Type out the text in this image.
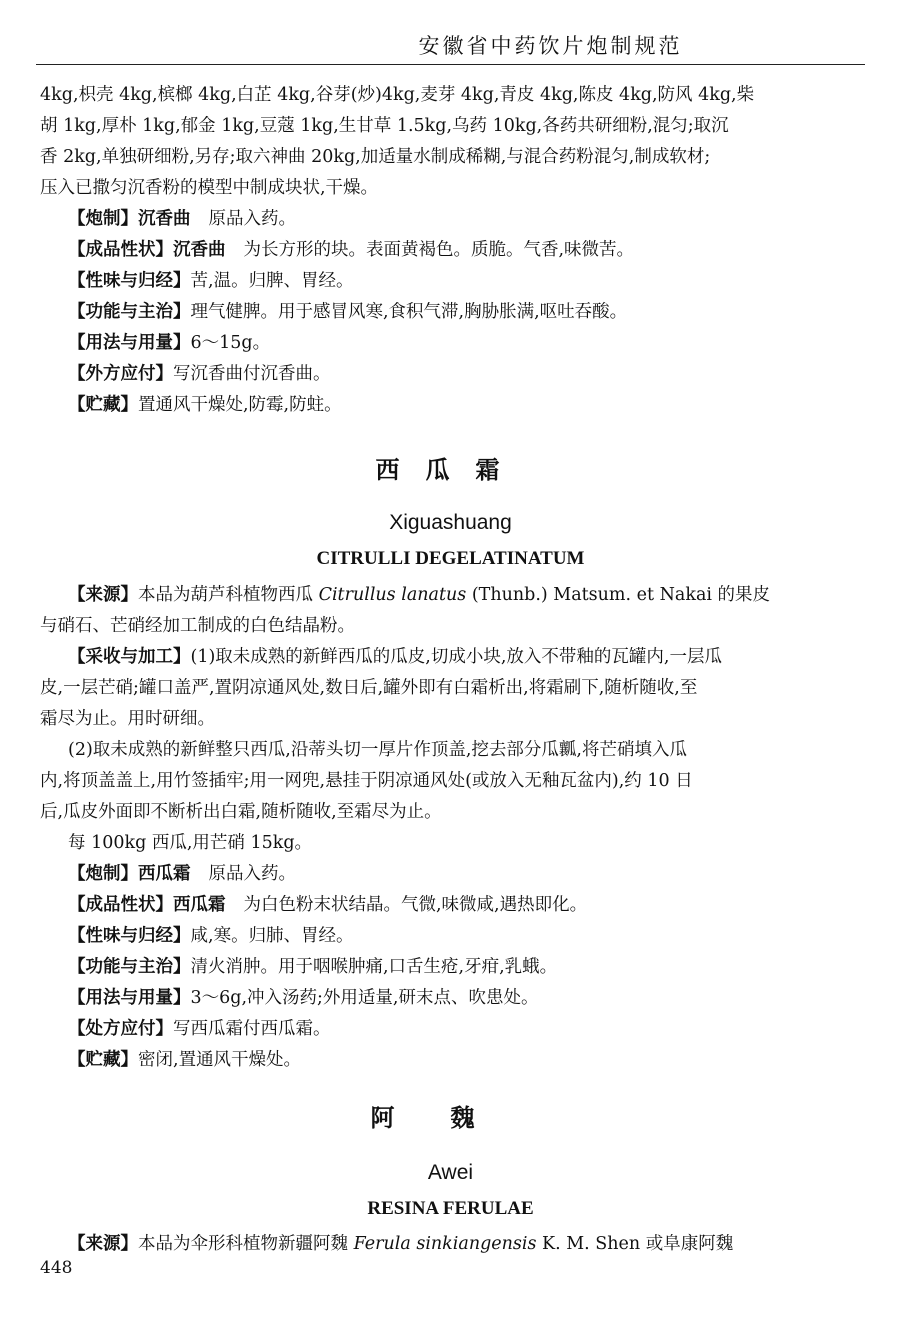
安徽省中药饮片炮制规范

4kg,枳壳 4kg,槟榔 4kg,白芷 4kg,谷芽(炒)4kg,麦芽 4kg,青皮 4kg,陈皮 4kg,防风 4kg,柴

胡 1kg,厚朴 1kg,郁金 1kg,豆蔻 1kg,生甘草 1.5kg,乌药 10kg,各药共研细粉,混匀;取沉

香 2kg,单独研细粉,另存;取六神曲 20kg,加适量水制成稀糊,与混合药粉混匀,制成软材;

压入已撒匀沉香粉的模型中制成块状,干燥。

【炮制】沉香曲 原品入药。

【成品性状】沉香曲 为长方形的块。表面黄褐色。质脆。气香,味微苦。

【性味与归经】苦,温。归脾、胃经。

【功能与主治】理气健脾。用于感冒风寒,食积气滞,胸胁胀满,呕吐吞酸。

【用法与用量】6～15g。

【外方应付】写沉香曲付沉香曲。

【贮藏】置通风干燥处,防霉,防蛀。

西瓜霜
Xiguashuang
CITRULLI DEGELATINATUM

【来源】本品为葫芦科植物西瓜 Citrullus lanatus (Thunb.) Matsum. et Nakai 的果皮

与硝石、芒硝经加工制成的白色结晶粉。

【采收与加工】(1)取未成熟的新鲜西瓜的瓜皮,切成小块,放入不带釉的瓦罐内,一层瓜

皮,一层芒硝;罐口盖严,置阴凉通风处,数日后,罐外即有白霜析出,将霜刷下,随析随收,至

霜尽为止。用时研细。

(2)取未成熟的新鲜整只西瓜,沿蒂头切一厚片作顶盖,挖去部分瓜瓤,将芒硝填入瓜

内,将顶盖盖上,用竹签插牢;用一网兜,悬挂于阴凉通风处(或放入无釉瓦盆内),约 10 日

后,瓜皮外面即不断析出白霜,随析随收,至霜尽为止。

每 100kg 西瓜,用芒硝 15kg。

【炮制】西瓜霜 原品入药。

【成品性状】西瓜霜 为白色粉末状结晶。气微,味微咸,遇热即化。

【性味与归经】咸,寒。归肺、胃经。

【功能与主治】清火消肿。用于咽喉肿痛,口舌生疮,牙疳,乳蛾。

【用法与用量】3～6g,冲入汤药;外用适量,研末点、吹患处。

【处方应付】写西瓜霜付西瓜霜。

【贮藏】密闭,置通风干燥处。

阿魏
Awei
RESINA FERULAE

【来源】本品为伞形科植物新疆阿魏 Ferula sinkiangensis K. M. Shen 或阜康阿魏

448
